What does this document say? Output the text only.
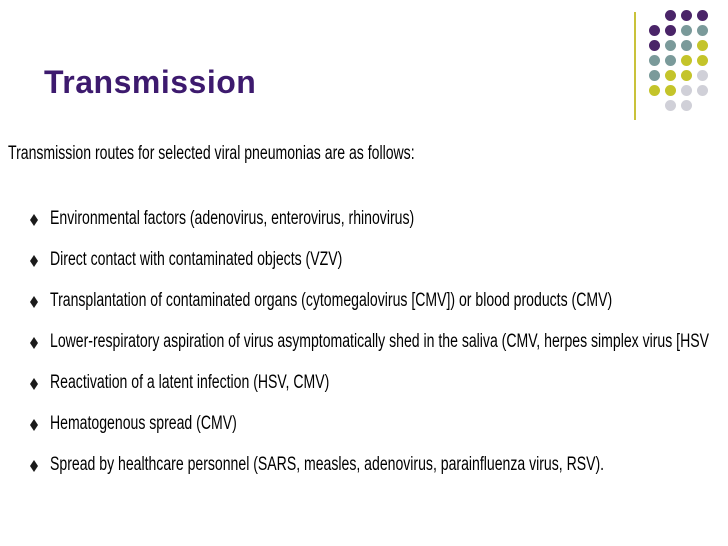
Transmission

Transmission routes for selected viral pneumonias are as follows:

Environmental factors (adenovirus, enterovirus, rhinovirus)
Direct contact with contaminated objects (VZV)
Transplantation of contaminated organs (cytomegalovirus [CMV]) or blood products (CMV)
Lower-respiratory aspiration of virus asymptomatically shed in the saliva (CMV, herpes simplex virus [HSV
Reactivation of a latent infection (HSV, CMV)
Hematogenous spread (CMV)
Spread by healthcare personnel (SARS, measles, adenovirus, parainfluenza virus, RSV).
